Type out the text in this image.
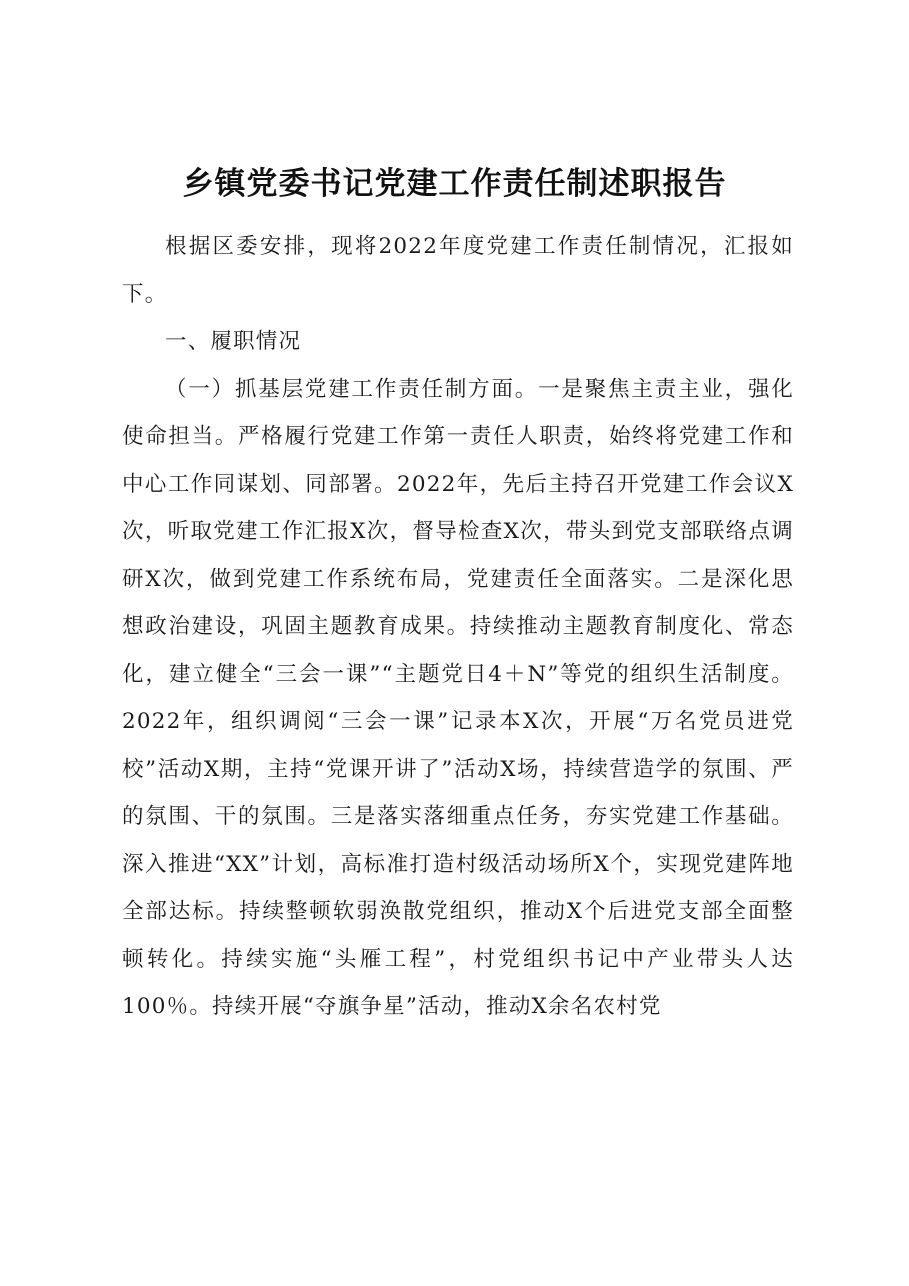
乡镇党委书记党建工作责任制述职报告

根据区委安排，现将2022年度党建工作责任制情况，汇报如下。

一、履职情况

（一）抓基层党建工作责任制方面。一是聚焦主责主业，强化使命担当。严格履行党建工作第一责任人职责，始终将党建工作和中心工作同谋划、同部署。2022年，先后主持召开党建工作会议X次，听取党建工作汇报X次，督导检查X次，带头到党支部联络点调研X次，做到党建工作系统布局，党建责任全面落实。二是深化思想政治建设，巩固主题教育成果。持续推动主题教育制度化、常态化，建立健全“三会一课”“主题党日4＋N”等党的组织生活制度。2022年，组织调阅“三会一课”记录本X次，开展“万名党员进党校”活动X期，主持“党课开讲了”活动X场，持续营造学的氛围、严的氛围、干的氛围。三是落实落细重点任务，夯实党建工作基础。深入推进“XX”计划，高标准打造村级活动场所X个，实现党建阵地全部达标。持续整顿软弱涣散党组织，推动X个后进党支部全面整顿转化。持续实施“头雁工程”，村党组织书记中产业带头人达100％。持续开展“夺旗争星”活动，推动X余名农村党
